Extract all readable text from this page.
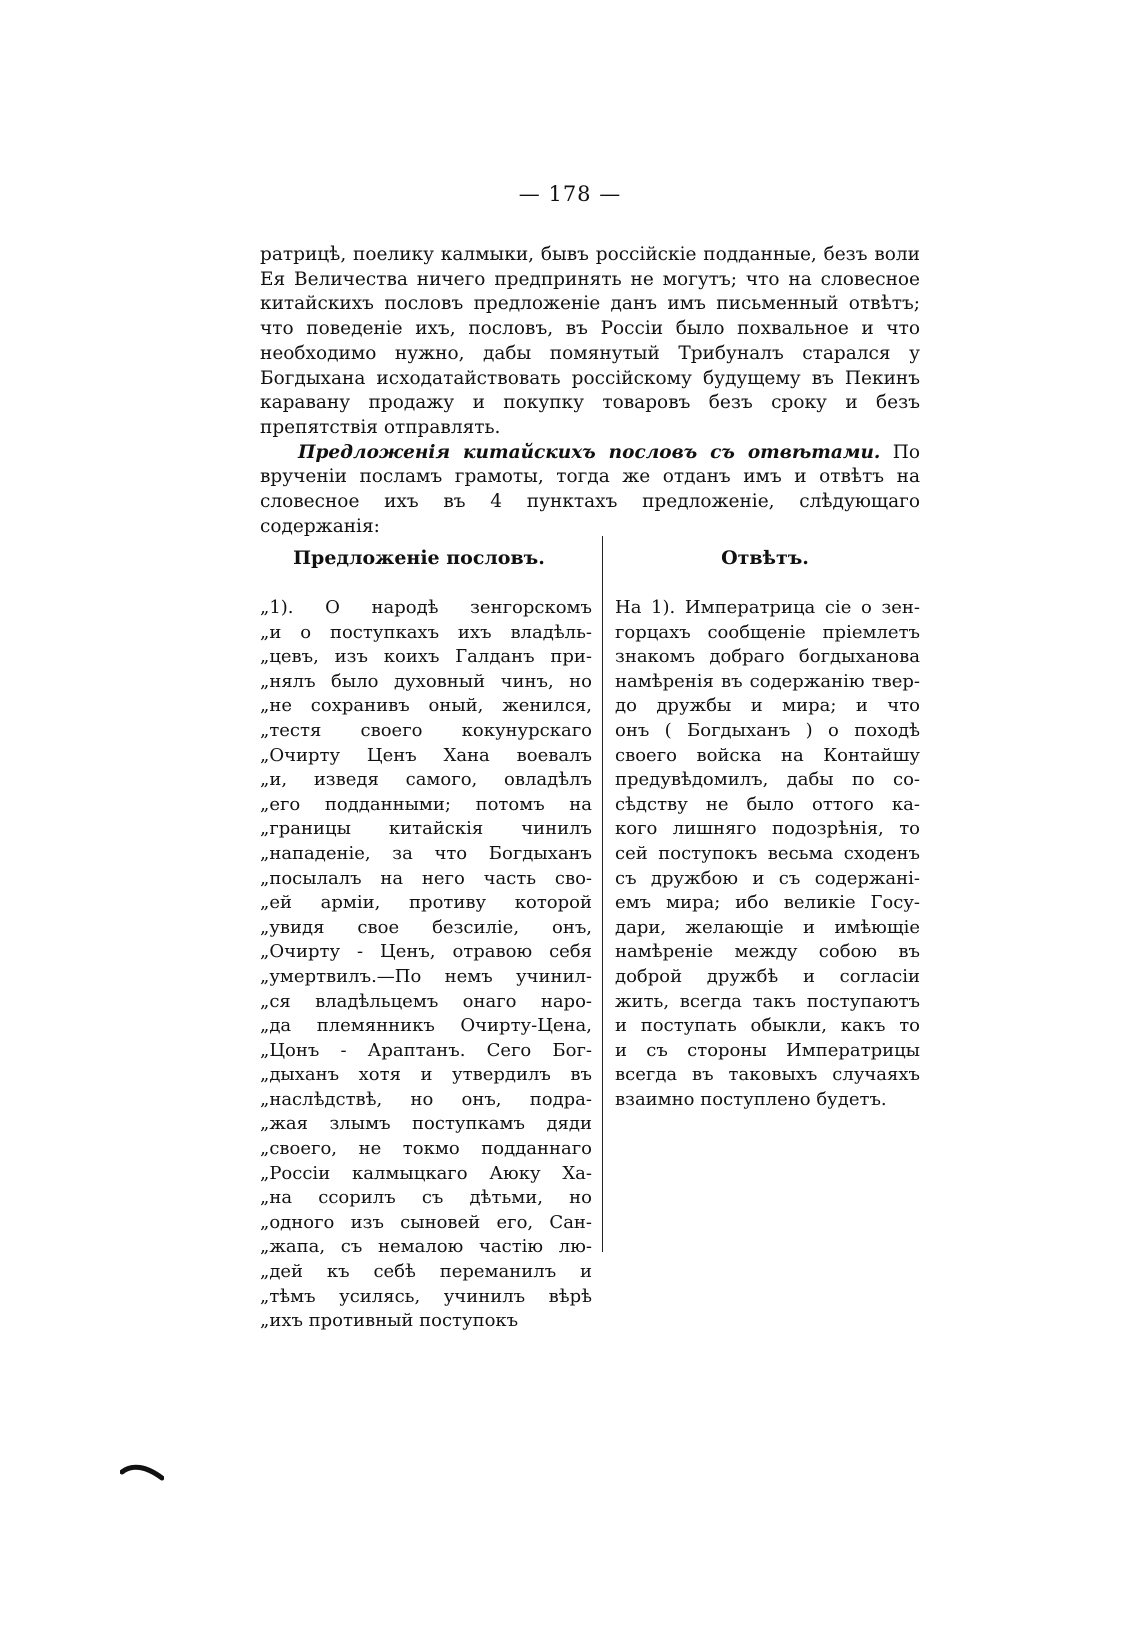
— 178 —

ратрицѣ, поелику калмыки, бывъ россійскіе подданные, безъ воли Ея Величества ничего предпринять не могутъ; что на словесное китайскихъ пословъ предложеніе данъ имъ письменный отвѣтъ; что поведеніе ихъ, пословъ, въ Россіи было похвальное и что необходимо нужно, дабы помянутый Трибуналъ старался у Богдыхана исходатайствовать россійскому будущему въ Пекинъ каравану продажу и покупку товаровъ безъ сроку и безъ препятствія отправлять.

Предложенія китайскихъ пословъ съ отвѣтами. По врученіи посламъ грамоты, тогда же отданъ имъ и отвѣтъ на словесное ихъ въ 4 пунктахъ предложеніе, слѣдующаго содержанія:

Предложеніе пословъ.	Отвѣтъ.
„1). О народѣ зенгорскомъ
„и о поступкахъ ихъ владѣль-
„цевъ, изъ коихъ Галданъ при-
„нялъ было духовный чинъ, но
„не сохранивъ оный, женился,
„тестя своего кокунурскаго
„Очирту Ценъ Хана воевалъ
„и, изведя самого, овладѣлъ
„его подданными; потомъ на
„границы китайскія чинилъ
„нападеніе, за что Богдыханъ
„посылалъ на него часть сво-
„ей арміи, противу которой
„увидя свое безсиліе, онъ,
„Очирту - Ценъ, отравою себя
„умертвилъ.—По немъ учинил-
„ся владѣльцемъ онаго наро-
„да племянникъ Очирту-Цена,
„Цонъ - Араптанъ. Сего Бог-
„дыханъ хотя и утвердилъ въ
„наслѣдствѣ, но онъ, подра-
„жая злымъ поступкамъ дяди
„своего, не токмо подданнаго
„Россіи калмыцкаго Аюку Ха-
„на ссорилъ съ дѣтьми, но
„одного изъ сыновей его, Сан-
„жапа, съ немалою частію лю-
„дей къ себѣ переманилъ и
„тѣмъ усилясь, учинилъ вѣрѣ
„ихъ противный поступокъ
На 1). Императрица сіе о зен-
горцахъ сообщеніе пріемлетъ
знакомъ добраго богдыханова
намѣренія въ содержанію твер-
до дружбы и мира; и что
онъ ( Богдыханъ ) о походѣ
своего войска на Контайшу
предувѣдомилъ, дабы по со-
сѣдству не было оттого ка-
кого лишняго подозрѣнія, то
сей поступокъ весьма сходенъ
съ дружбою и съ содержані-
емъ мира; ибо великіе Госу-
дари, желающіе и имѣющіе
намѣреніе между собою въ
доброй дружбѣ и согласіи
жить, всегда такъ поступаютъ
и поступать обыкли, какъ то
и съ стороны Императрицы
всегда въ таковыхъ случаяхъ
взаимно поступлено будетъ.
